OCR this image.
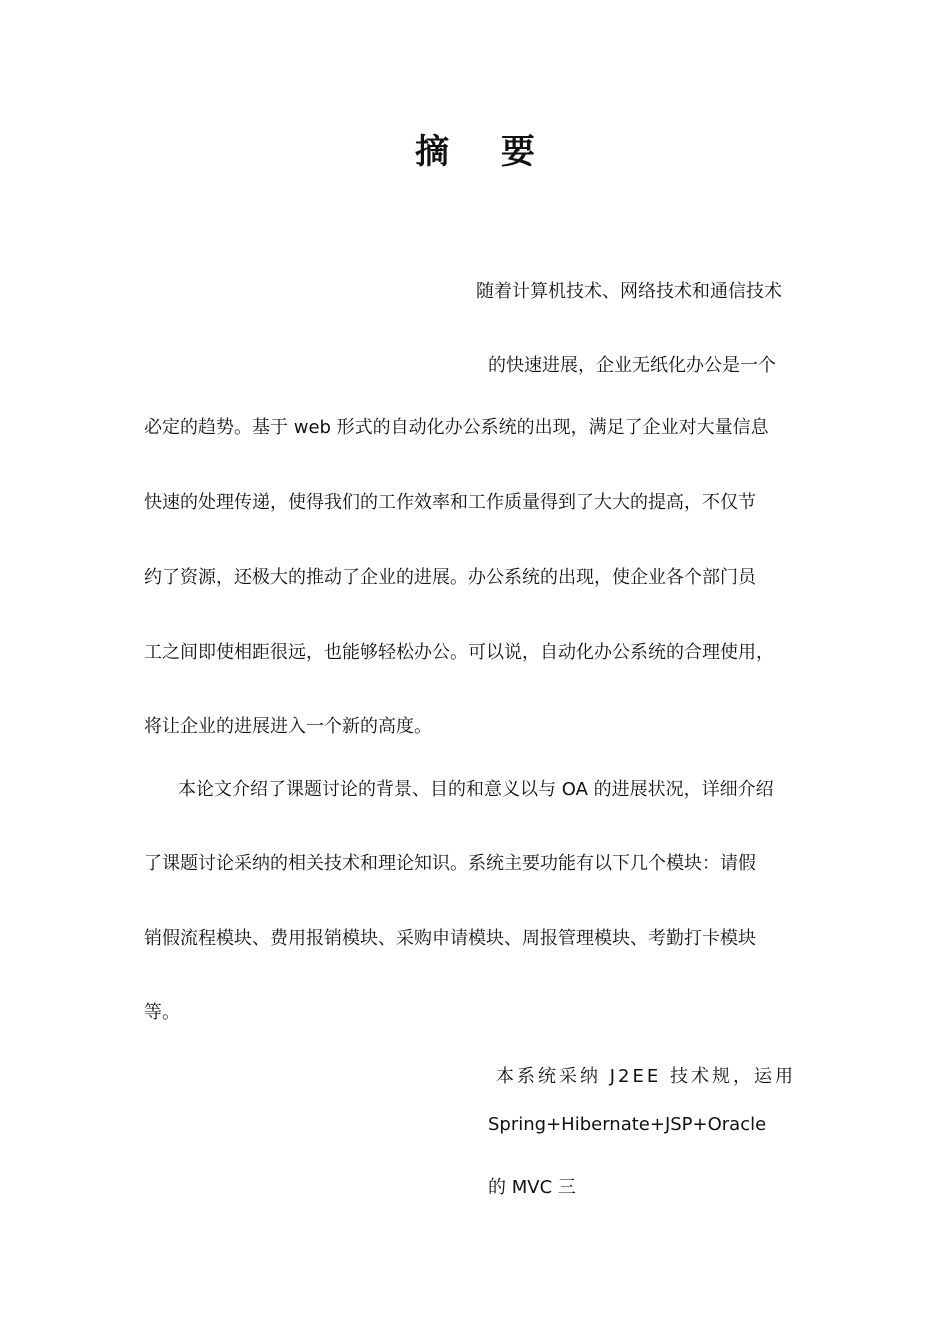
摘 要

随着计算机技术、网络技术和通信技术

的快速进展，企业无纸化办公是一个

必定的趋势。基于 web 形式的自动化办公系统的出现，满足了企业对大量信息

快速的处理传递，使得我们的工作效率和工作质量得到了大大的提高，不仅节

约了资源，还极大的推动了企业的进展。办公系统的出现，使企业各个部门员

工之间即使相距很远，也能够轻松办公。可以说，自动化办公系统的合理使用，

将让企业的进展进入一个新的高度。

本论文介绍了课题讨论的背景、目的和意义以与 OA 的进展状况，详细介绍

了课题讨论采纳的相关技术和理论知识。系统主要功能有以下几个模块：请假

销假流程模块、费用报销模块、采购申请模块、周报管理模块、考勤打卡模块

等。

本系统采纳 J2EE 技术规，运用

Spring+Hibernate+JSP+Oracle

的 MVC 三
